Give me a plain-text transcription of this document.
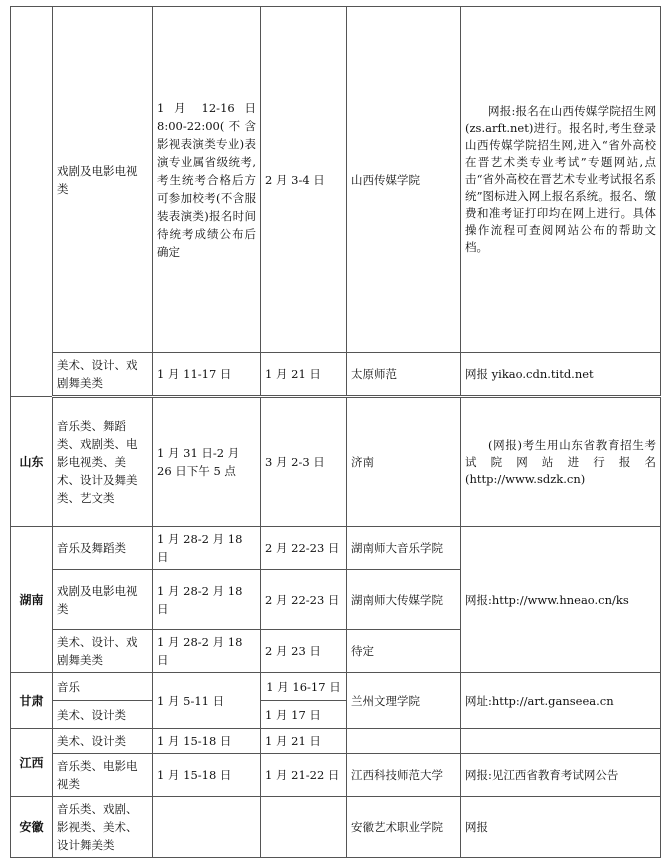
	戏剧及电影电视类	1 月 12-16 日 8:00-22:00(不含影视表演类专业)表演专业属省级统考,考生统考合格后方可参加校考(不含服装表演类)报名时间待统考成绩公布后确定	2 月 3-4 日	山西传媒学院	网报:报名在山西传媒学院招生网(zs.arft.net)进行。报名时,考生登录山西传媒学院招生网,进入“省外高校在晋艺术类专业考试”专题网站,点击“省外高校在晋艺术专业考试报名系统”图标进入网上报名系统。报名、缴费和准考证打印均在网上进行。具体操作流程可查阅网站公布的帮助文档。
	美术、设计、戏剧舞美类	1 月 11-17 日	1 月 21 日	太原师范	网报 yikao.cdn.titd.net
山东	音乐类、舞蹈类、戏剧类、电影电视类、美术、设计及舞美类、艺文类	1 月 31 日-2 月 26 日下午 5 点	3 月 2-3 日	济南	(网报)考生用山东省教育招生考试院网站进行报名(http://www.sdzk.cn)
湖南	音乐及舞蹈类	1 月 28-2 月 18 日	2 月 22-23 日	湖南师大音乐学院	网报:http://www.hneao.cn/ks
	戏剧及电影电视类	1 月 28-2 月 18 日	2 月 22-23 日	湖南师大传媒学院	
	美术、设计、戏剧舞美类	1 月 28-2 月 18 日	2 月 23 日	待定	
甘肃	音乐	1 月 5-11 日	1 月 16-17 日	兰州文理学院	网址:http://art.ganseea.cn
	美术、设计类		1 月 17 日		
江西	美术、设计类	1 月 15-18 日	1 月 21 日		
	音乐类、电影电视类	1 月 15-18 日	1 月 21-22 日	江西科技师范大学	网报:见江西省教育考试网公告
安徽	音乐类、戏剧、影视类、美术、设计舞美类			安徽艺术职业学院	网报
